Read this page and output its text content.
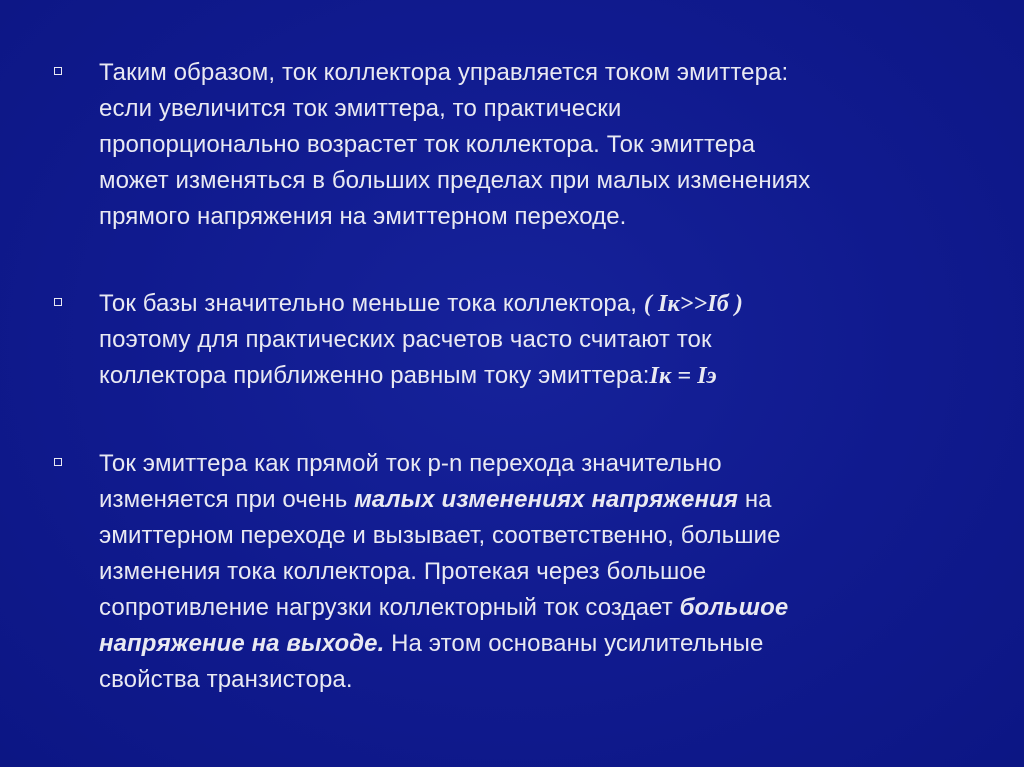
Таким образом, ток коллектора управляется током эмиттера:
если увеличится ток эмиттера, то практически
пропорционально возрастет ток коллектора. Ток эмиттера
может изменяться в больших пределах при малых изменениях
прямого напряжения на эмиттерном переходе.
Ток базы значительно меньше тока коллектора, ( Iк>>Iб )
поэтому для практических расчетов часто считают ток
коллектора приближенно равным току эмиттера:Iк = Iэ
Ток эмиттера как прямой ток p-n перехода значительно
изменяется при очень малых изменениях напряжения на
эмиттерном переходе и вызывает, соответственно, большие
изменения тока коллектора. Протекая через большое
сопротивление нагрузки коллекторный ток создает большое
напряжение на выходе. На этом основаны усилительные
свойства транзистора.
